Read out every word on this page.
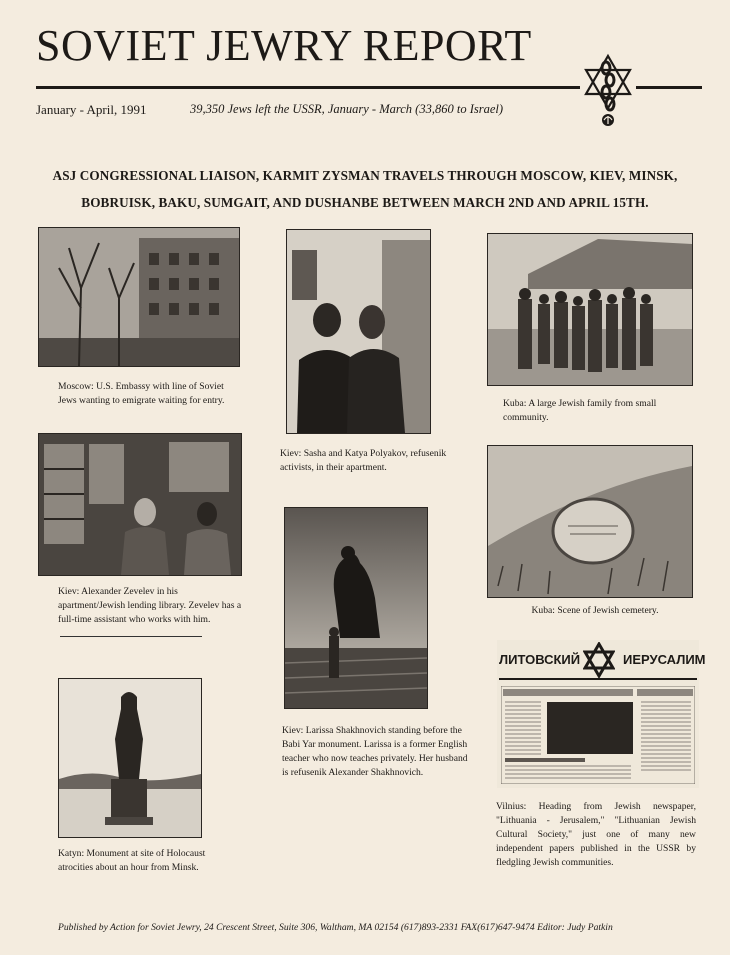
SOVIET JEWRY REPORT
January - April, 1991	39,350 Jews left the USSR, January - March (33,860 to Israel)
ASJ CONGRESSIONAL LIAISON, KARMIT ZYSMAN TRAVELS THROUGH MOSCOW, KIEV, MINSK,
BOBRUISK, BAKU, SUMGAIT, AND DUSHANBE BETWEEN MARCH 2ND AND APRIL 15TH.
Moscow: U.S. Embassy with line of Soviet Jews wanting to emigrate waiting for entry.
Kiev: Sasha and Katya Polyakov, refusenik activists, in their apartment.
Kuba: A large Jewish family from small community.
Kiev: Alexander Zevelev in his apartment/Jewish lending library. Zevelev has a full-time assistant who works with him.
Kuba: Scene of Jewish cemetery.
Kiev: Larissa Shakhnovich standing before the Babi Yar monument. Larissa is a former English teacher who now teaches privately. Her husband is refusenik Alexander Shakhnovich.
Katyn: Monument at site of Holocaust atrocities about an hour from Minsk.
ЛИТОВСКИЙ	ИЕРУСАЛИМ
Vilnius: Heading from Jewish newspaper, "Lithuania - Jerusalem," "Lithuanian Jewish Cultural Society," just one of many new independent papers published in the USSR by fledgling Jewish communities.
Published by Action for Soviet Jewry, 24 Crescent Street, Suite 306, Waltham, MA 02154 (617)893-2331 FAX(617)647-9474 Editor: Judy Patkin
